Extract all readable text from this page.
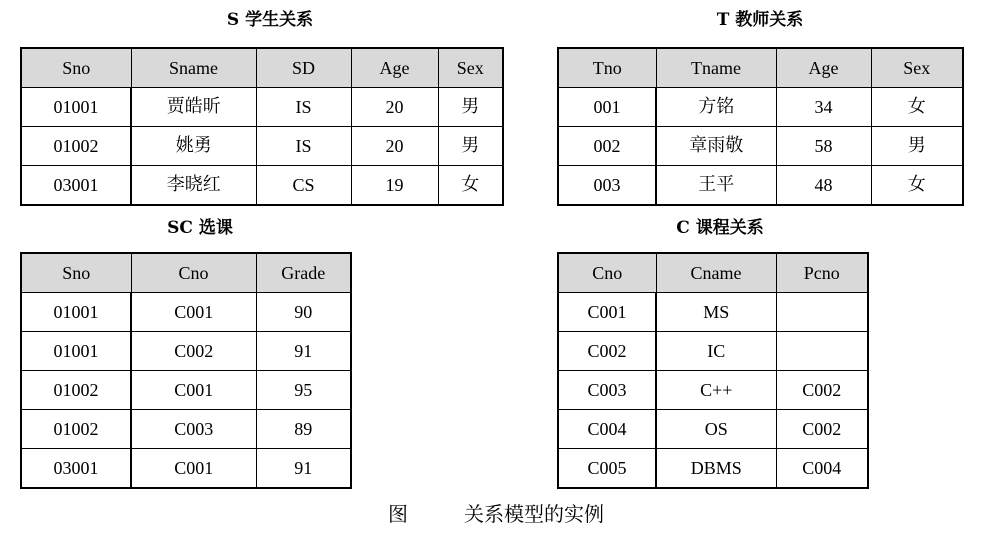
S 学生关系
Sno	Sname	SD	Age	Sex
01001	贾皓昕	IS	20	男
01002	姚勇	IS	20	男
03001	李晓红	CS	19	女
T 教师关系
Tno	Tname	Age	Sex
001	方铭	34	女
002	章雨敬	58	男
003	王平	48	女
SC 选课
Sno	Cno	Grade
01001	C001	90
01001	C002	91
01002	C001	95
01002	C003	89
03001	C001	91
C 课程关系
Cno	Cname	Pcno
C001	MS	
C002	IC	
C003	C++	C002
C004	OS	C002
C005	DBMS	C004
图	关系模型的实例
